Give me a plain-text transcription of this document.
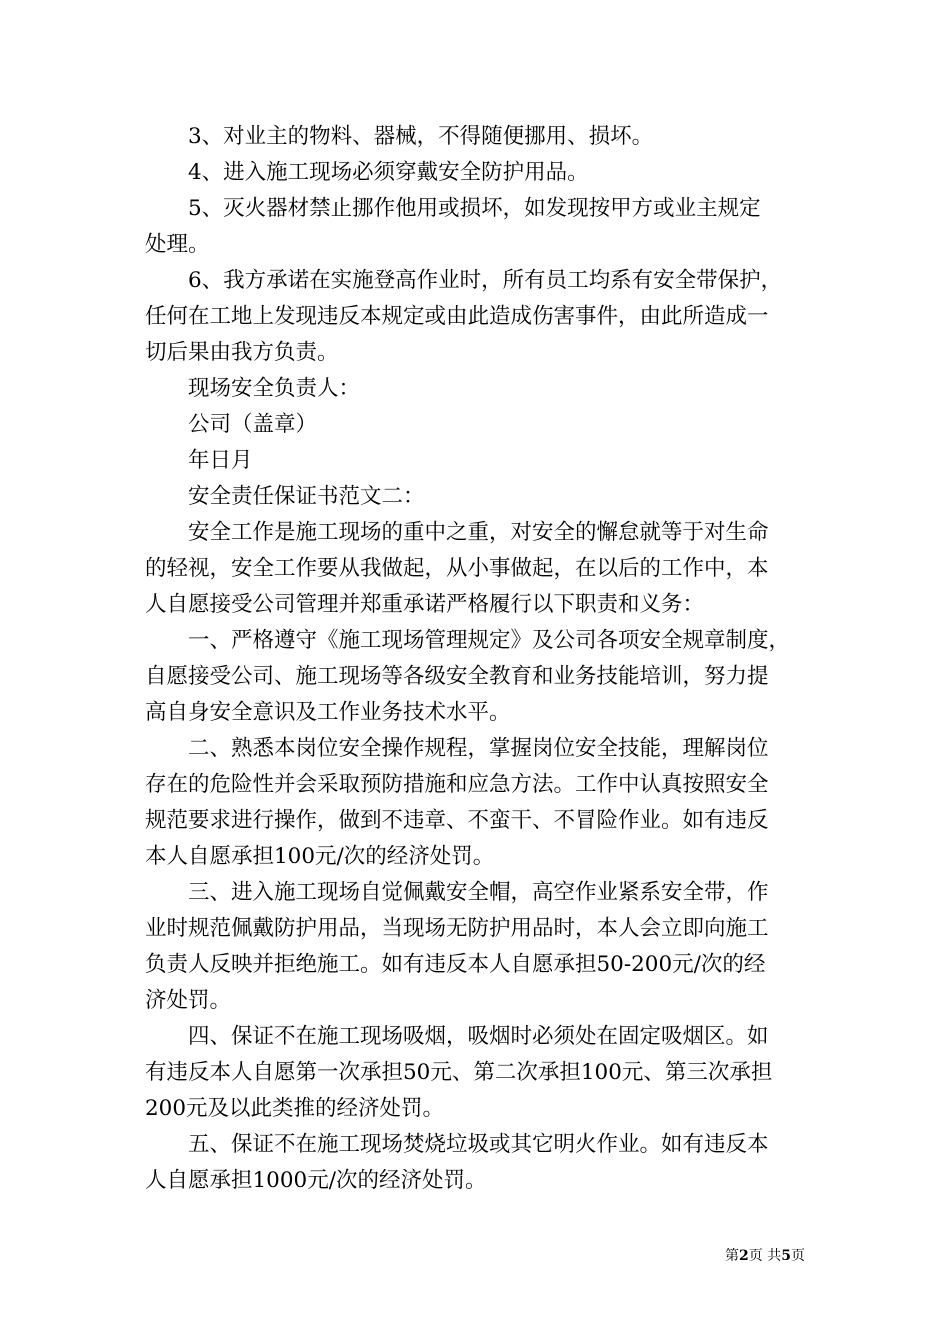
3、对业主的物料、器械，不得随便挪用、损坏。
4、进入施工现场必须穿戴安全防护用品。
5、灭火器材禁止挪作他用或损坏，如发现按甲方或业主规定
处理。
6、我方承诺在实施登高作业时，所有员工均系有安全带保护，
任何在工地上发现违反本规定或由此造成伤害事件，由此所造成一
切后果由我方负责。
现场安全负责人：
公司（盖章）
年日月
安全责任保证书范文二：
安全工作是施工现场的重中之重，对安全的懈怠就等于对生命
的轻视，安全工作要从我做起，从小事做起，在以后的工作中，本
人自愿接受公司管理并郑重承诺严格履行以下职责和义务：
一、严格遵守《施工现场管理规定》及公司各项安全规章制度，
自愿接受公司、施工现场等各级安全教育和业务技能培训，努力提
高自身安全意识及工作业务技术水平。
二、熟悉本岗位安全操作规程，掌握岗位安全技能，理解岗位
存在的危险性并会采取预防措施和应急方法。工作中认真按照安全
规范要求进行操作，做到不违章、不蛮干、不冒险作业。如有违反
本人自愿承担100元/次的经济处罚。
三、进入施工现场自觉佩戴安全帽，高空作业紧系安全带，作
业时规范佩戴防护用品，当现场无防护用品时，本人会立即向施工
负责人反映并拒绝施工。如有违反本人自愿承担50-200元/次的经
济处罚。
四、保证不在施工现场吸烟，吸烟时必须处在固定吸烟区。如
有违反本人自愿第一次承担50元、第二次承担100元、第三次承担
200元及以此类推的经济处罚。
五、保证不在施工现场焚烧垃圾或其它明火作业。如有违反本
人自愿承担1000元/次的经济处罚。
第2页 共5页
